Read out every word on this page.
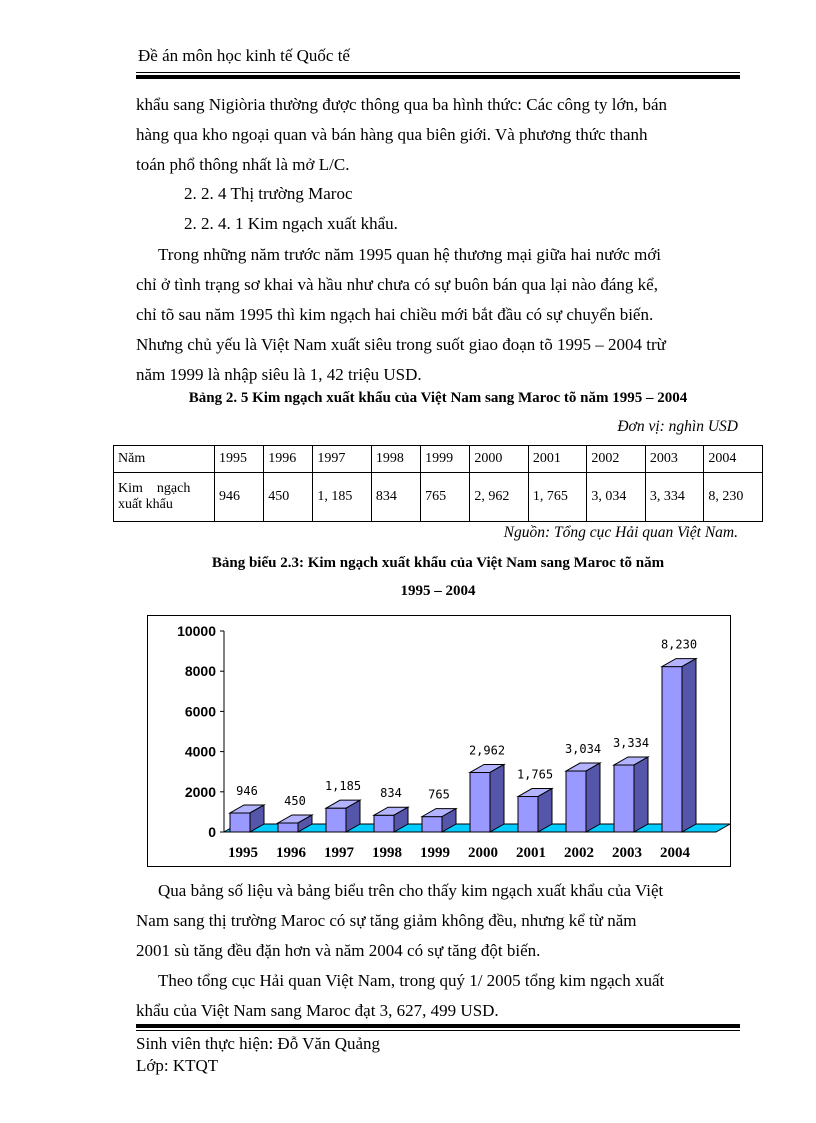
Đề án môn học kinh tế Quốc tế

khẩu sang Nigiòria thường được thông qua ba hình thức: Các công ty lớn, bán

hàng qua kho ngoại quan và bán hàng qua biên giới. Và phương thức thanh

toán phổ thông nhất là mở L/C.

2. 2. 4 Thị trường Maroc
2. 2. 4. 1 Kim ngạch xuất khẩu.

Trong những năm trước năm 1995 quan hệ thương mại giữa hai nước mới

chỉ ở tình trạng sơ khai và hầu như chưa có sự buôn bán qua lại nào đáng kể,

chỉ tõ sau năm 1995 thì kim ngạch hai chiều mới bắt đầu có sự chuyển biến.

Nhưng chủ yếu là Việt Nam xuất siêu trong suốt giao đoạn tõ 1995 – 2004 trừ

năm 1999 là nhập siêu là 1, 42 triệu USD.

Bảng 2. 5 Kim ngạch xuất khẩu của Việt Nam sang Maroc tõ năm 1995 – 2004
Đơn vị: nghìn USD
Năm	1995	1996	1997	1998	1999	2000	2001	2002	2003	2004

Kim    ngạch
xuất khẩu	946	450	1, 185	834	765	2, 962	1, 765	3, 034	3, 334	8, 230
Nguồn: Tổng cục Hải quan Việt Nam.
Bảng biểu 2.3: Kim ngạch xuất khẩu của Việt Nam sang Maroc tõ năm
1995 – 2004
0
2000
4000
6000
8000
10000
946
1995
450
1996
1,185
1997
834
1998
765
1999
2,962
2000
1,765
2001
3,034
2002
3,334
2003
8,230
2004

Qua bảng số liệu và bảng biểu trên cho thấy kim ngạch xuất khẩu của Việt

Nam sang thị trường Maroc có sự tăng giảm không đều, nhưng kể từ năm

2001 sù tăng đều đặn hơn và năm 2004 có sự tăng đột biến.

Theo tổng cục Hải quan Việt Nam, trong quý 1/ 2005 tổng kim ngạch xuất

khẩu của Việt Nam sang Maroc đạt 3, 627, 499 USD.

Sinh viên thực hiện: Đỗ Văn Quảng
Lớp: KTQT
